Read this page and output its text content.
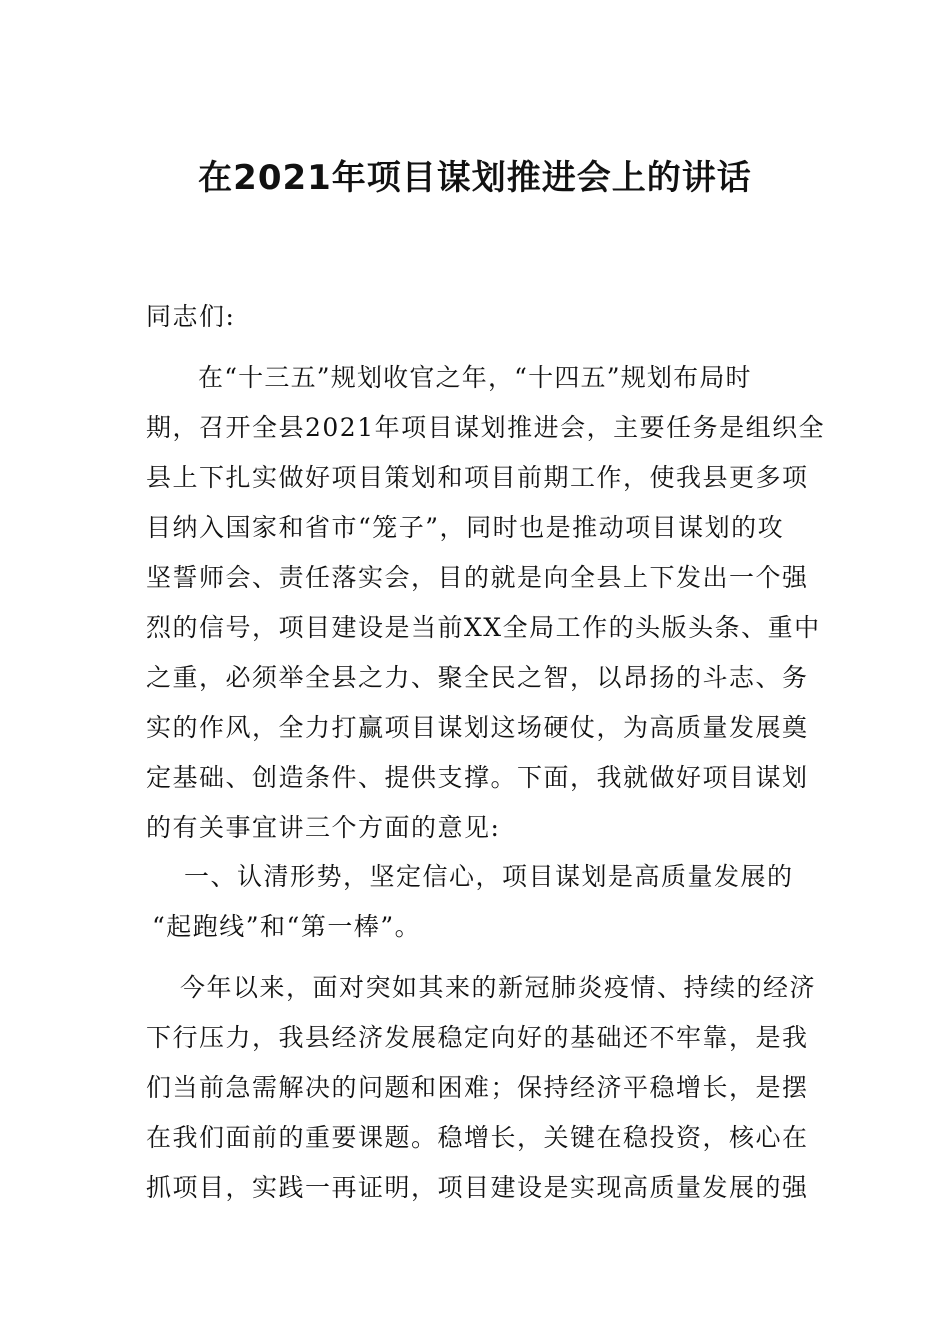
在2021年项目谋划推进会上的讲话
同志们:
在“十三五”规划收官之年，“十四五”规划布局时
期，召开全县2021年项目谋划推进会，主要任务是组织全
县上下扎实做好项目策划和项目前期工作，使我县更多项
目纳入国家和省市“笼子”，同时也是推动项目谋划的攻
坚誓师会、责任落实会，目的就是向全县上下发出一个强
烈的信号，项目建设是当前XX全局工作的头版头条、重中
之重，必须举全县之力、聚全民之智，以昂扬的斗志、务
实的作风，全力打赢项目谋划这场硬仗，为高质量发展奠
定基础、创造条件、提供支撑。下面，我就做好项目谋划
的有关事宜讲三个方面的意见:
一、认清形势，坚定信心，项目谋划是高质量发展的
“起跑线”和“第一棒”。
今年以来，面对突如其来的新冠肺炎疫情、持续的经济
下行压力，我县经济发展稳定向好的基础还不牢靠，是我
们当前急需解决的问题和困难；保持经济平稳增长，是摆
在我们面前的重要课题。稳增长，关键在稳投资，核心在
抓项目，实践一再证明，项目建设是实现高质量发展的强
